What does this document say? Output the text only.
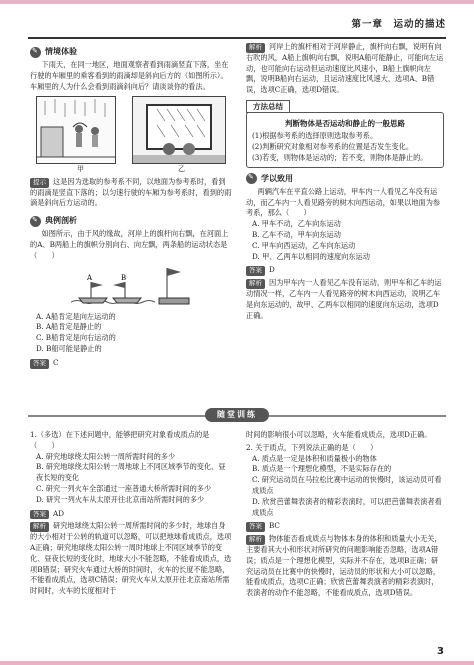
第一章　运动的描述
✎
情境体验

下雨天，在同一地区，地面观察者看到雨滴竖直下落，坐在行驶的车厢里的乘客看到的雨滴却是斜向后方的（如图所示）。车厢里的人为什么会看到雨滴斜向后？请谈谈你的看法。

甲	乙

提示 这是因为选取的参考系不同，以地面为参考系时，看到的雨滴是竖直下落的；以匀速行驶的车厢为参考系时，看到的雨滴是斜向后方运动的。

✎
典例剖析

如图所示，由于风的缘故，河岸上的旗杆向右飘，在河面上的A、B两船上的旗帜分别向右、向左飘，两条船的运动状态是（　　）

A	B

A. A船肯定是向左运动的

B. A船肯定是静止的

C. B船肯定是向右运动的

D. B船可能是静止的

答案 C

解析 河岸上的旗杆相对于河岸静止，旗杆向右飘，说明有向右吹的风，A船上旗帜向右飘，说明A船可能静止，可能向左运动，也可能向右运动但运动速度比风速小，B船上旗帜向左飘，说明B船向右运动，且运动速度比风速大，选项A、B错误，选项C正确，选项D错误。

方法总结
判断物体是否运动和静止的一般思路

(1)根据参考系的选择原则选取参考系。

(2)判断研究对象相对参考系的位置是否发生变化。

(3)若变，则物体是运动的；若不变，则物体是静止的。

✎
学以致用

两辆汽车在平直公路上运动，甲车内一人看见乙车没有运动，而乙车内一人看见路旁的树木向西运动，如果以地面为参考系，那么（　　）

A. 甲车不动，乙车向东运动

B. 乙车不动，甲车向东运动

C. 甲车向西运动，乙车向东运动

D. 甲、乙两车以相同的速度向东运动

答案 D

解析 因为甲车内一人看见乙车没有运动，则甲车和乙车的运动情况一样，乙车内一人看见路旁的树木向西运动，说明乙车是向东运动的，故甲、乙两车以相同的速度向东运动，选项D正确。

随堂训练

1.（多选）在下述问题中，能够把研究对象看成质点的是（　　）

A. 研究地球绕太阳公转一周所需时间的多少

B. 研究地球绕太阳公转一周地球上不同区域季节的变化、昼夜长短的变化

C. 研究一列火车全部通过一座普通大桥所需时间的多少

D. 研究一列火车从太原开往北京南站所需时间的多少

答案 AD

解析 研究地球绕太阳公转一周所需时间的多少时，地球自身的大小相对于公转的轨道可以忽略，可以把地球看成质点，选项A正确；研究地球绕太阳公转一周时地球上不同区域季节的变化、昼夜长短的变化时，地球大小不能忽略，不能看成质点，选项B错误；研究火车通过大桥的时间时，火车的长度不能忽略，不能看成质点，选项C错误；研究火车从太原开往北京南站所需时间时，火车的长度相对于

时间的影响很小可以忽略，火车能看成质点，选项D正确。

2. 关于质点，下列说法正确的是（　　）

A. 质点是一定是体积和质量极小的物体

B. 质点是一个理想化模型，不是实际存在的

C. 研究运动员在马拉松比赛中运动的快慢时，该运动员可看成质点

D. 欣赏芭蕾舞表演者的精彩表演时，可以把芭蕾舞表演者看成质点

答案 BC

解析 物体能否看成质点与物体本身的体积和质量大小无关，主要看其大小和形状对所研究的问题影响能否忽略，选项A错误；质点是一个理想化模型，实际并不存在，选项B正确；研究运动员在比赛中的快慢时，运动员的形状和大小可以忽略，能看成质点，选项C正确；欣赏芭蕾舞表演者的精彩表演时，表演者的动作不能忽略，不能看成质点，选项D错误。

3
